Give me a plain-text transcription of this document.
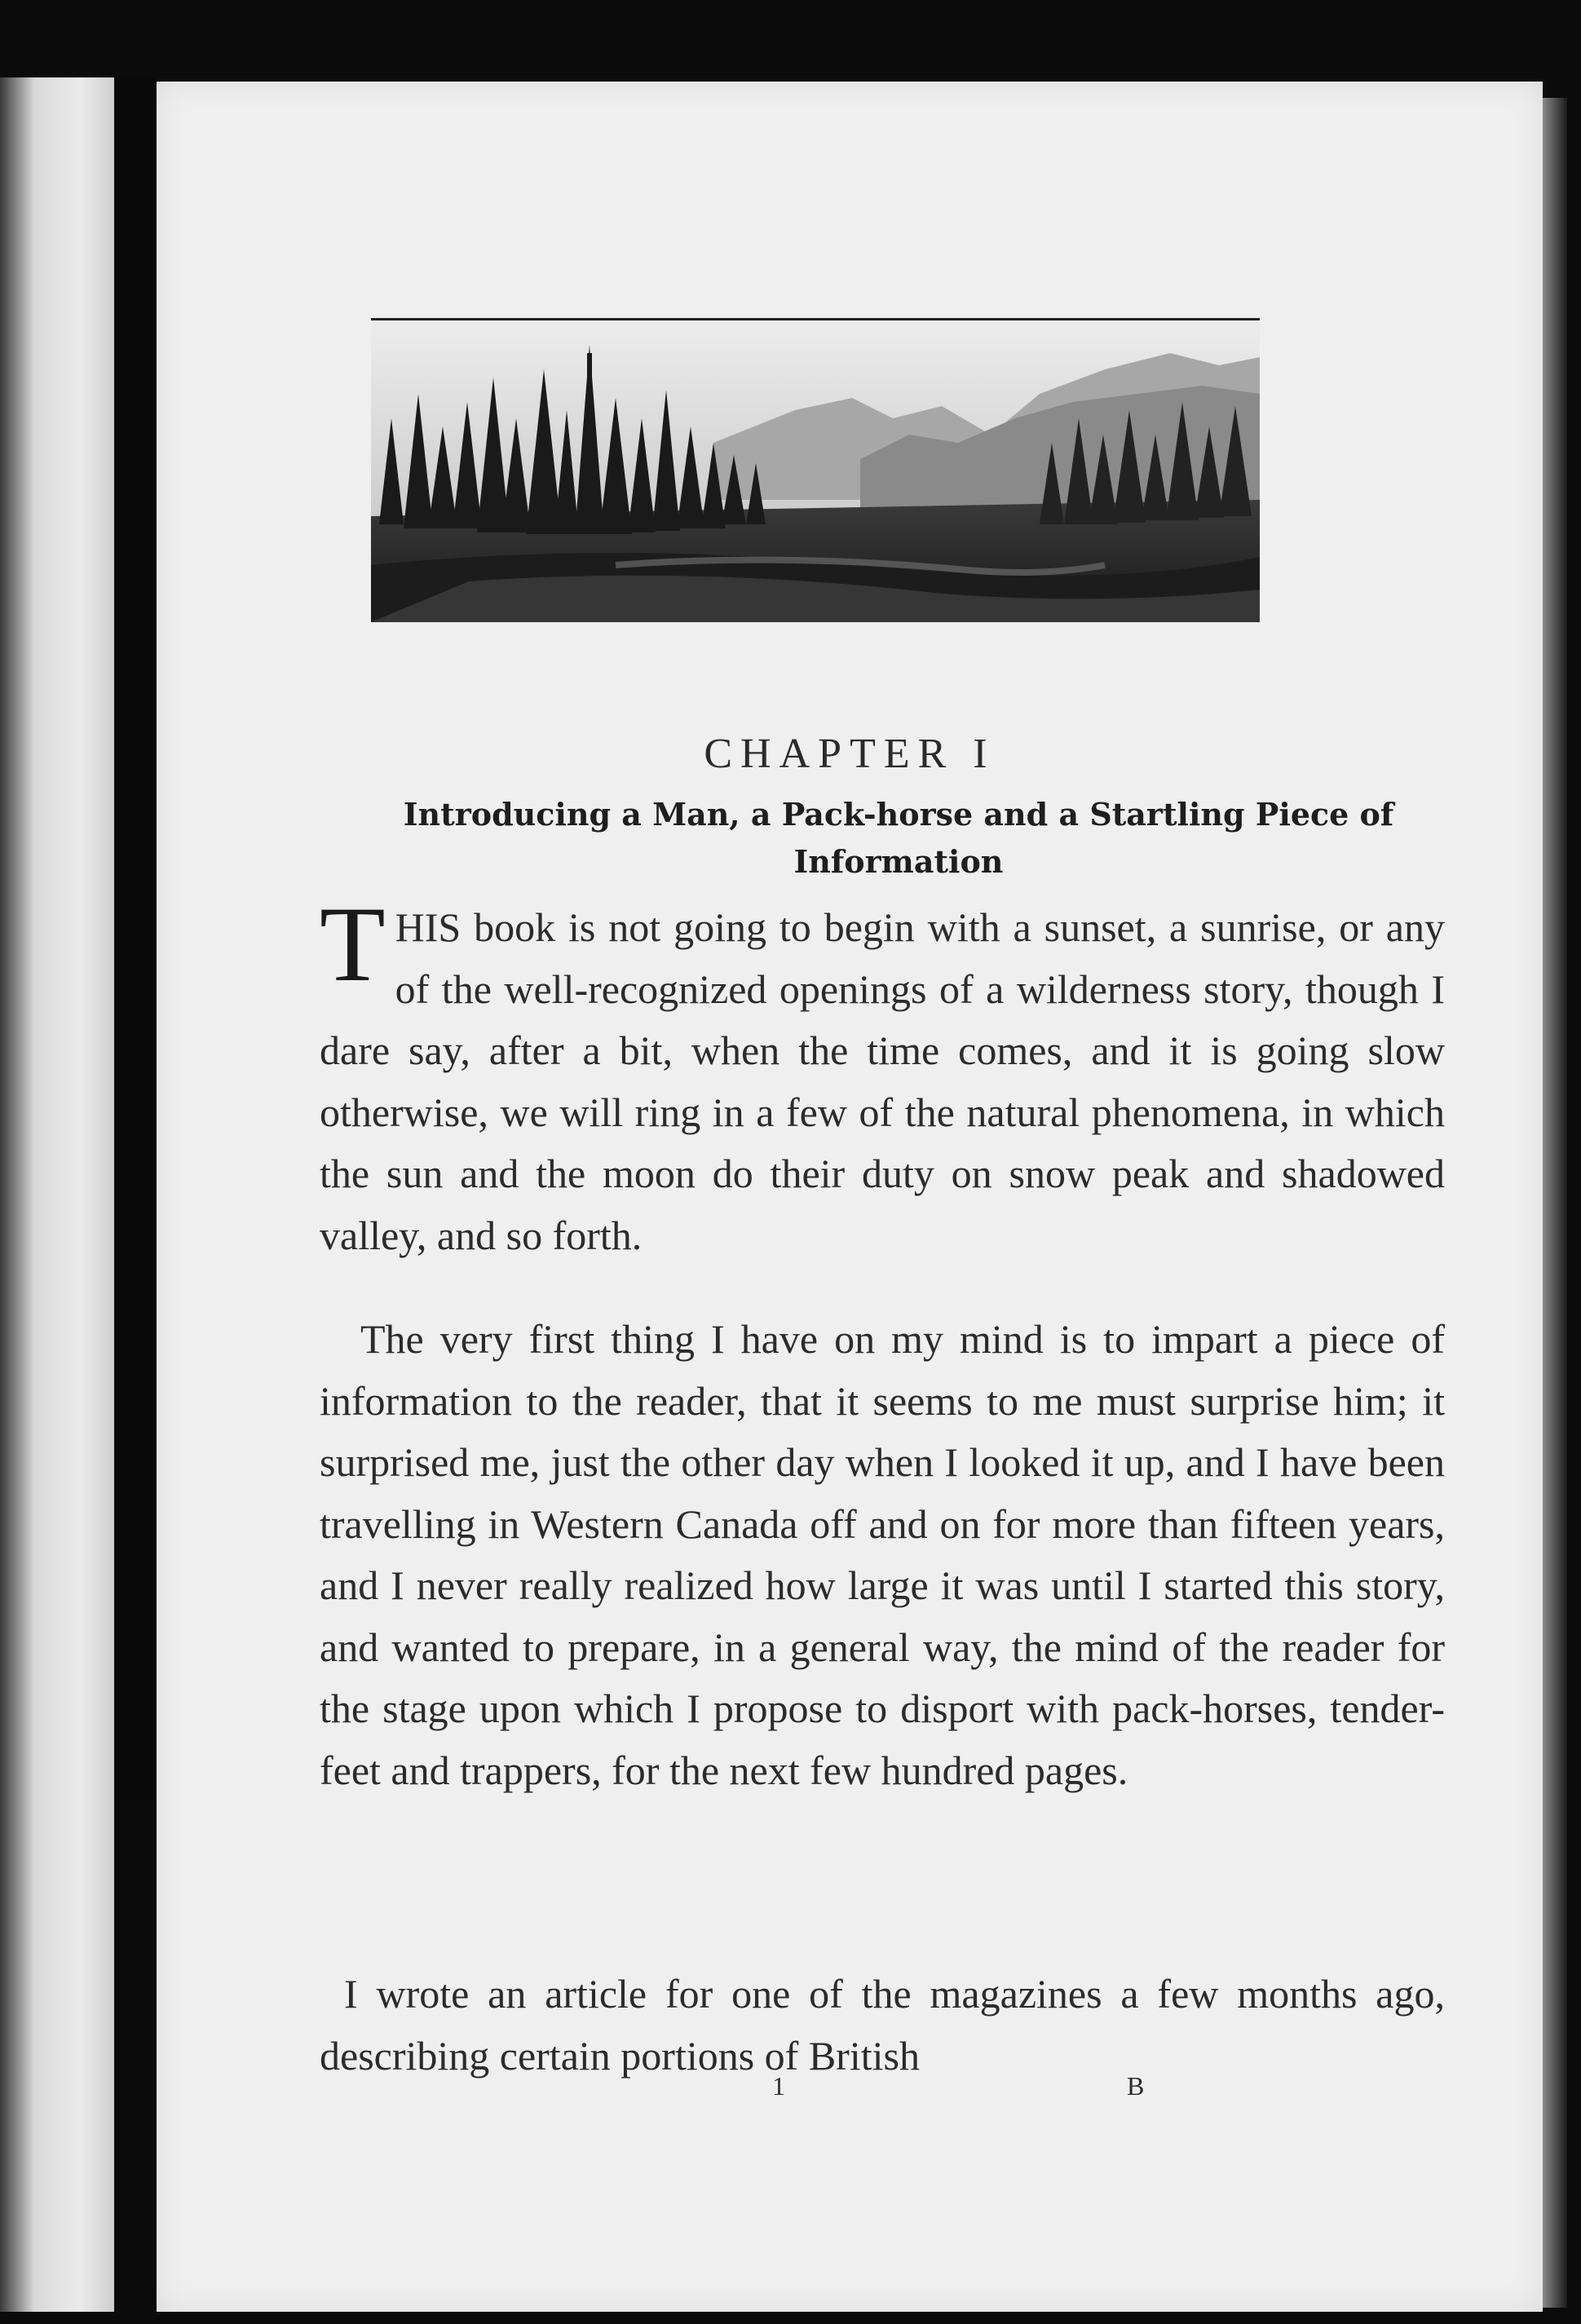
CHAPTER I
Introducing a Man, a Pack-horse and a Startling Piece of Information
THIS book is not going to begin with a sunset, a sunrise, or any of the well-recognized openings of a wilderness story, though I dare say, after a bit, when the time comes, and it is going slow otherwise, we will ring in a few of the natural phenomena, in which the sun and the moon do their duty on snow peak and shadowed valley, and so forth.
The very first thing I have on my mind is to impart a piece of information to the reader, that it seems to me must surprise him; it surprised me, just the other day when I looked it up, and I have been travelling in Western Canada off and on for more than fifteen years, and I never really realized how large it was until I started this story, and wanted to prepare, in a general way, the mind of the reader for the stage upon which I propose to disport with pack-horses, tender-feet and trappers, for the next few hundred pages.
I wrote an article for one of the magazines a few months ago, describing certain portions of British
1	B
